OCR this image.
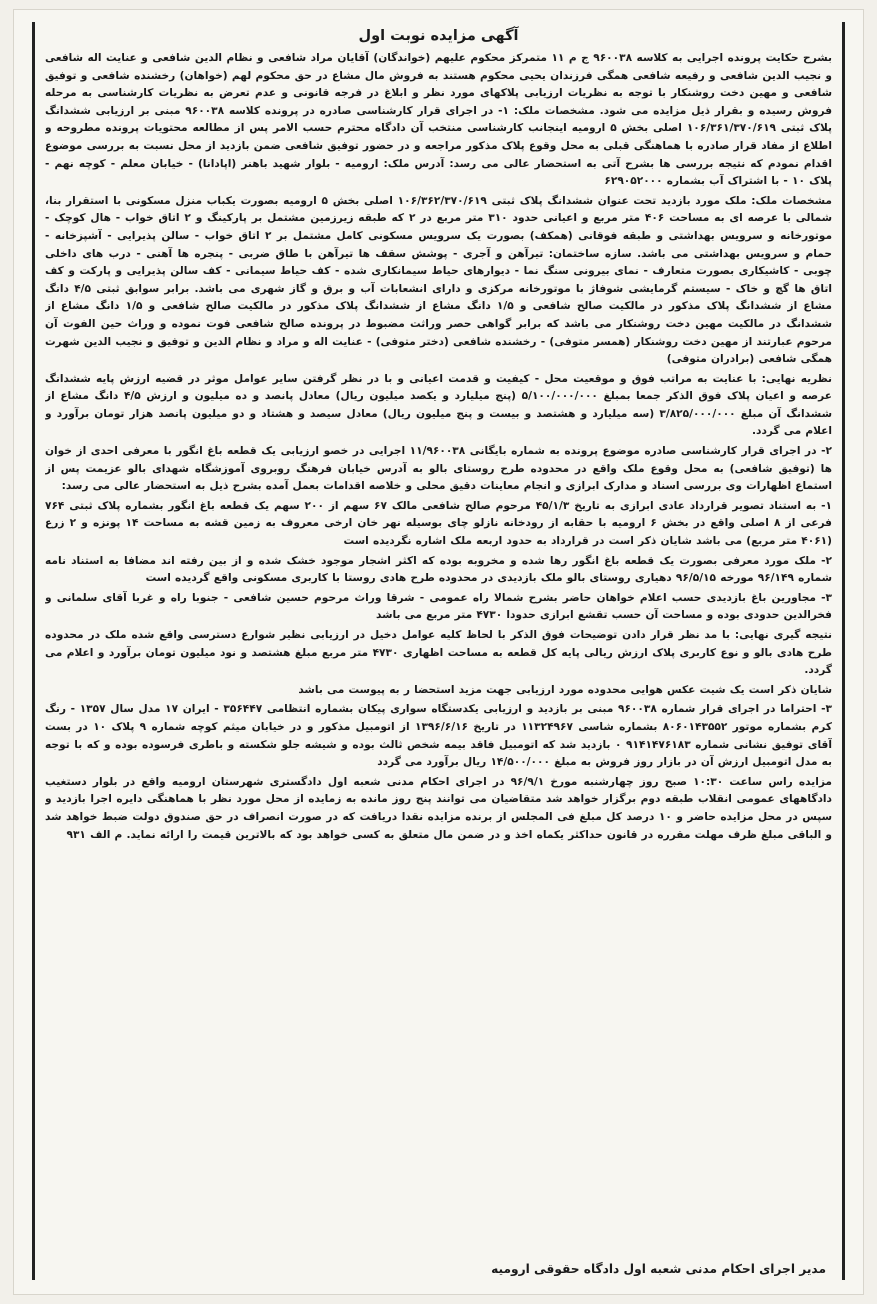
آگهی مزایده نوبت اول

بشرح حکایت پرونده اجرایی به کلاسه ۹۶۰۰۳۸ ج م ۱۱ متمرکز محکوم علیهم (خواندگان) آقایان مراد شافعی و نظام الدین شافعی و عنایت اله شافعی و نجیب الدین شافعی و رفیعه شافعی همگی فرزندان یحیی محکوم هستند به فروش مال مشاع در حق محکوم لهم (خواهان) رخشنده شافعی و توفیق شافعی و مهین دخت روشنکار با توجه به نظریات ارزیابی پلاکهای مورد نظر و ابلاغ در فرجه قانونی و عدم تعرض به نظریات کارشناسی به مرحله فروش رسیده و بقرار ذیل مزایده می شود. مشخصات ملک: ۱- در اجرای قرار کارشناسی صادره در پرونده کلاسه ۹۶۰۰۳۸ مبنی بر ارزیابی ششدانگ پلاک ثبتی ۱۰۶/۳۶۱/۳۷۰/۶۱۹ اصلی بخش ۵ ارومیه اینجانب کارشناسی منتخب آن دادگاه محترم حسب الامر پس از مطالعه محتویات پرونده مطروحه و اطلاع از مفاد قرار صادره با هماهنگی قبلی به محل وقوع پلاک مذکور مراجعه و در حضور توفیق شافعی ضمن بازدید از محل نسبت به بررسی موضوع اقدام نمودم که نتیجه بررسی ها بشرح آتی به استحضار عالی می رسد: آدرس ملک: ارومیه - بلوار شهید باهنر (اپادانا) - خیابان معلم - کوچه نهم - پلاک ۱۰ - با اشتراک آب بشماره ۶۲۹۰۵۲۰۰۰

مشخصات ملک: ملک مورد بازدید تحت عنوان ششدانگ پلاک ثبتی ۱۰۶/۳۶۲/۳۷۰/۶۱۹ اصلی بخش ۵ ارومیه بصورت یکباب منزل مسکونی با استقرار بنا، شمالی با عرصه ای به مساحت ۴۰۶ متر مربع و اعیانی حدود ۳۱۰ متر مربع در ۲ که طبقه زیرزمین مشتمل بر پارکینگ و ۲ اتاق خواب - هال کوچک - موتورخانه و سرویس بهداشتی و طبقه فوقانی (همکف) بصورت یک سرویس مسکونی کامل مشتمل بر ۲ اتاق خواب - سالن پذیرایی - آشپزخانه - حمام و سرویس بهداشتی می باشد. سازه ساختمان: تیرآهن و آجری - پوشش سقف ها تیرآهن با طاق ضربی - پنجره ها آهنی - درب های داخلی چوبی - کاشیکاری بصورت متعارف - نمای بیرونی سنگ نما - دیوارهای حیاط سیمانکاری شده - کف حیاط سیمانی - کف سالن پذیرایی و پارکت و کف اتاق ها گچ و خاک - سیستم گرمایشی شوفاژ با موتورخانه مرکزی و دارای انشعابات آب و برق و گاز شهری می باشد. برابر سوابق ثبتی ۴/۵ دانگ مشاع از ششدانگ پلاک مذکور در مالکیت صالح شافعی و ۱/۵ دانگ مشاع از ششدانگ پلاک مذکور در مالکیت صالح شافعی و ۱/۵ دانگ مشاع از ششدانگ در مالکیت مهین دخت روشنکار می باشد که برابر گواهی حصر وراثت مضبوط در پرونده صالح شافعی فوت نموده و وراث حین الفوت آن مرحوم عبارتند از مهین دخت روشنکار (همسر متوفی) - رخشنده شافعی (دختر متوفی) - عنایت اله و مراد و نظام الدین و توفیق و نجیب الدین شهرت همگی شافعی (برادران متوفی)

نظریه نهایی: با عنایت به مراتب فوق و موقعیت محل - کیفیت و قدمت اعیانی و با در نظر گرفتن سایر عوامل موثر در قضیه ارزش پایه ششدانگ عرصه و اعیان پلاک فوق الذکر جمعا بمبلغ ۵/۱۰۰/۰۰۰/۰۰۰ (پنج میلیارد و یکصد میلیون ریال) معادل پانصد و ده میلیون و ارزش ۴/۵ دانگ مشاع از ششدانگ آن مبلغ ۳/۸۲۵/۰۰۰/۰۰۰ (سه میلیارد و هشتصد و بیست و پنج میلیون ریال) معادل سیصد و هشتاد و دو میلیون پانصد هزار تومان برآورد و اعلام می گردد.

۲- در اجرای قرار کارشناسی صادره موضوع پرونده به شماره بایگانی ۱۱/۹۶۰۰۳۸ اجرایی در خصو ارزیابی یک قطعه باغ انگور با معرفی احدی از خوان ها (توفیق شافعی) به محل وقوع ملک واقع در محدوده طرح روستای بالو به آدرس خیابان فرهنگ روبروی آموزشگاه شهدای بالو عزیمت پس از استماع اظهارات وی بررسی اسناد و مدارک ابرازی و انجام معاینات دقیق محلی و خلاصه اقدامات بعمل آمده بشرح ذیل به استحضار عالی می رسد:

۱- به استناد تصویر قرارداد عادی ابرازی به تاریخ ۴۵/۱/۳ مرحوم صالح شافعی مالک ۶۷ سهم از ۲۰۰ سهم یک قطعه باغ انگور بشماره پلاک ثبتی ۷۶۴ فرعی از ۸ اصلی واقع در بخش ۶ ارومیه با حقابه از رودخانه نازلو چای بوسیله نهر خان ارخی معروف به زمین قشه به مساحت ۱۴ پونزه و ۲ زرع (۴۰۶۱ متر مربع) می باشد شایان ذکر است در قرارداد به حدود اربعه ملک اشاره نگردیده است

۲- ملک مورد معرفی بصورت یک قطعه باغ انگور رها شده و مخروبه بوده که اکثر اشجار موجود خشک شده و از بین رفته اند مضافا به استناد نامه شماره ۹۶/۱۴۹ مورخه ۹۶/۵/۱۵ دهیاری روستای بالو ملک بازدیدی در محدوده طرح هادی روستا با کاربری مسکونی واقع گردیده است

۳- مجاورین باغ بازدیدی حسب اعلام خواهان حاضر بشرح شمالا راه عمومی - شرقا وراث مرحوم حسین شافعی - جنوبا راه و غربا آقای سلمانی و فخرالدین حدودی بوده و مساحت آن حسب تقشع ابرازی حدودا ۴۷۳۰ متر مربع می باشد

نتیجه گیری نهایی: با مد نظر قرار دادن توضیحات فوق الذکر با لحاظ کلیه عوامل دخیل در ارزیابی نظیر شوارع دسترسی واقع شده ملک در محدوده طرح هادی بالو و نوع کاربری پلاک ارزش ریالی پایه کل قطعه به مساحت اظهاری ۴۷۳۰ متر مربع مبلغ هشتصد و نود میلیون تومان برآورد و اعلام می گردد.

شایان ذکر است یک شیت عکس هوایی محدوده مورد ارزیابی جهت مزید استحضا ر به پیوست می باشد

۳- احتراما در اجرای قرار شماره ۹۶۰۰۳۸ مبنی بر بازدید و ارزیابی یکدستگاه سواری پیکان بشماره انتظامی ۳۵۶۴۴۷ - ایران ۱۷ مدل سال ۱۳۵۷ - رنگ کرم بشماره موتور ۸۰۶۰۱۴۳۵۵۲ بشماره شاسی ۱۱۳۲۴۹۶۷ در تاریخ ۱۳۹۶/۶/۱۶ از اتومبیل مذکور و در خیابان میثم کوچه شماره ۹ پلاک ۱۰ در بست آقای توفیق نشانی شماره ۹۱۴۱۴۷۶۱۸۳ ۰ بازدید شد که اتومبیل فاقد بیمه شخص ثالث بوده و شیشه جلو شکسته و باطری فرسوده بوده و که با توجه به مدل اتومبیل ارزش آن در بازار روز فروش به مبلغ ۱۴/۵۰۰/۰۰۰ ریال برآورد می گردد

مزایده راس ساعت ۱۰:۳۰ صبح روز چهارشنبه مورخ ۹۶/۹/۱ در اجرای احکام مدنی شعبه اول دادگستری شهرستان ارومیه واقع در بلوار دستغیب دادگاههای عمومی انقلاب طبقه دوم برگزار خواهد شد متقاضیان می توانند پنج روز مانده به زمایده از محل مورد نظر با هماهنگی دایره اجرا بازدید و سپس در محل مزایده حاضر و ۱۰ درصد کل مبلغ فی المجلس از برنده مزایده نقدا دریافت که در صورت انصراف در حق صندوق دولت ضبط خواهد شد و الباقی مبلغ ظرف مهلت مقرره در قانون حداکثر یکماه اخذ و در ضمن مال متعلق به کسی خواهد بود که بالاترین قیمت را ارائه نماید. م الف ۹۳۱

مدیر اجرای احکام مدنی شعبه اول دادگاه حقوقی ارومیه
